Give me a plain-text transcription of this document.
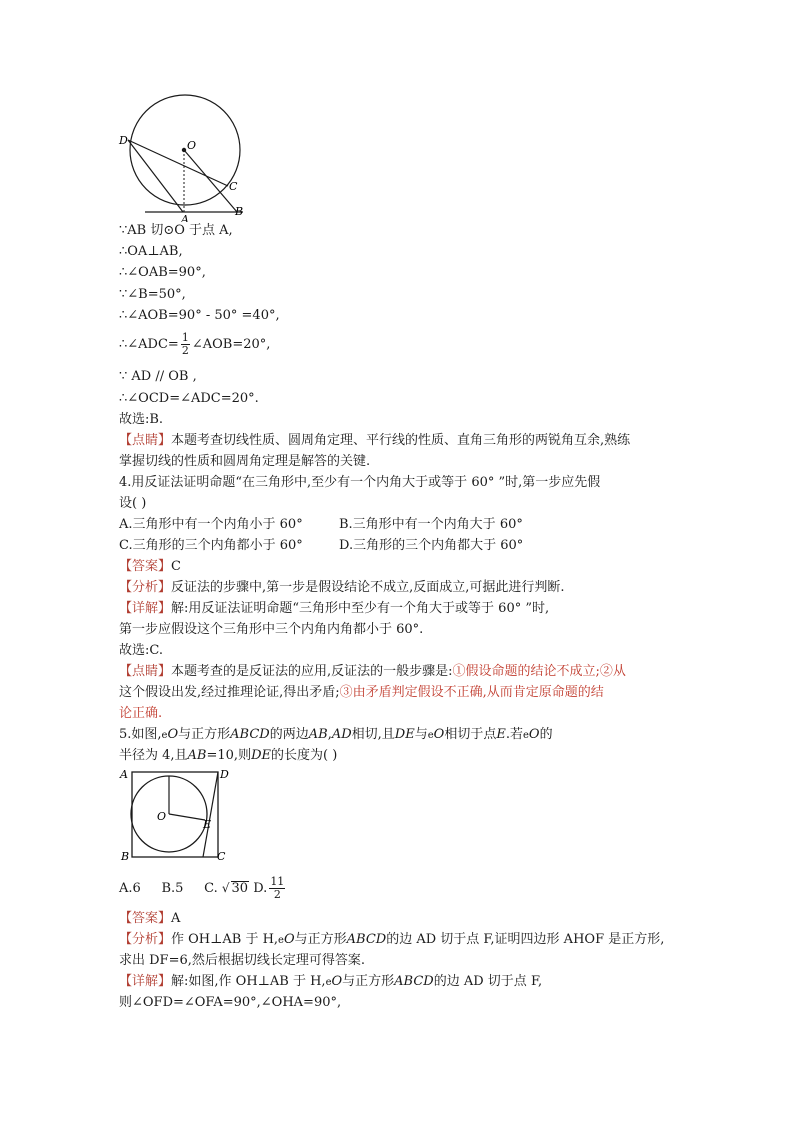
D	O
C
A
B
∵AB 切⊙O 于点 A,
∴OA⊥AB,
∴∠OAB=90°,
∵∠B=50°,
∴∠AOB=90° - 50° =40°,
∴∠ADC= $\frac{1}{2}$ ∠AOB=20°,
∵ AD // OB ,
∴∠OCD=∠ADC=20°.
故选:B.
【点睛】本题考查切线性质、圆周角定理、平行线的性质、直角三角形的两锐角互余,熟练
掌握切线的性质和圆周角定理是解答的关键.
4.用反证法证明命题“在三角形中,至少有一个内角大于或等于 60° ”时,第一步应先假
设( )
A.三角形中有一个内角小于 60°	B.三角形中有一个内角大于 60°
C.三角形的三个内角都小于 60°	D.三角形的三个内角都大于 60°
【答案】C
【分析】反证法的步骤中,第一步是假设结论不成立,反面成立,可据此进行判断.
【详解】解:用反证法证明命题“三角形中至少有一个角大于或等于 60° ”时,
第一步应假设这个三角形中三个内角内角都小于 60°.
故选:C.
【点睛】本题考查的是反证法的应用,反证法的一般步骤是:①假设命题的结论不成立;②从
这个假设出发,经过推理论证,得出矛盾;③由矛盾判定假设不正确,从而肯定原命题的结
论正确.
5.如图,eO与正方形ABCD的两边AB,AD相切,且DE与eO相切于点E.若eO的
半径为 4,且AB=10,则DE的长度为( )
A	D
O
E
B	C
A.6 B.5 C. √ 30 D. $\frac{11}{2}$
【答案】A
【分析】作 OH⊥AB 于 H,eO与正方形ABCD的边 AD 切于点 F,证明四边形 AHOF 是正方形,
求出 DF=6,然后根据切线长定理可得答案.
【详解】解:如图,作 OH⊥AB 于 H,eO与正方形ABCD的边 AD 切于点 F,
则∠OFD=∠OFA=90°,∠OHA=90°,
